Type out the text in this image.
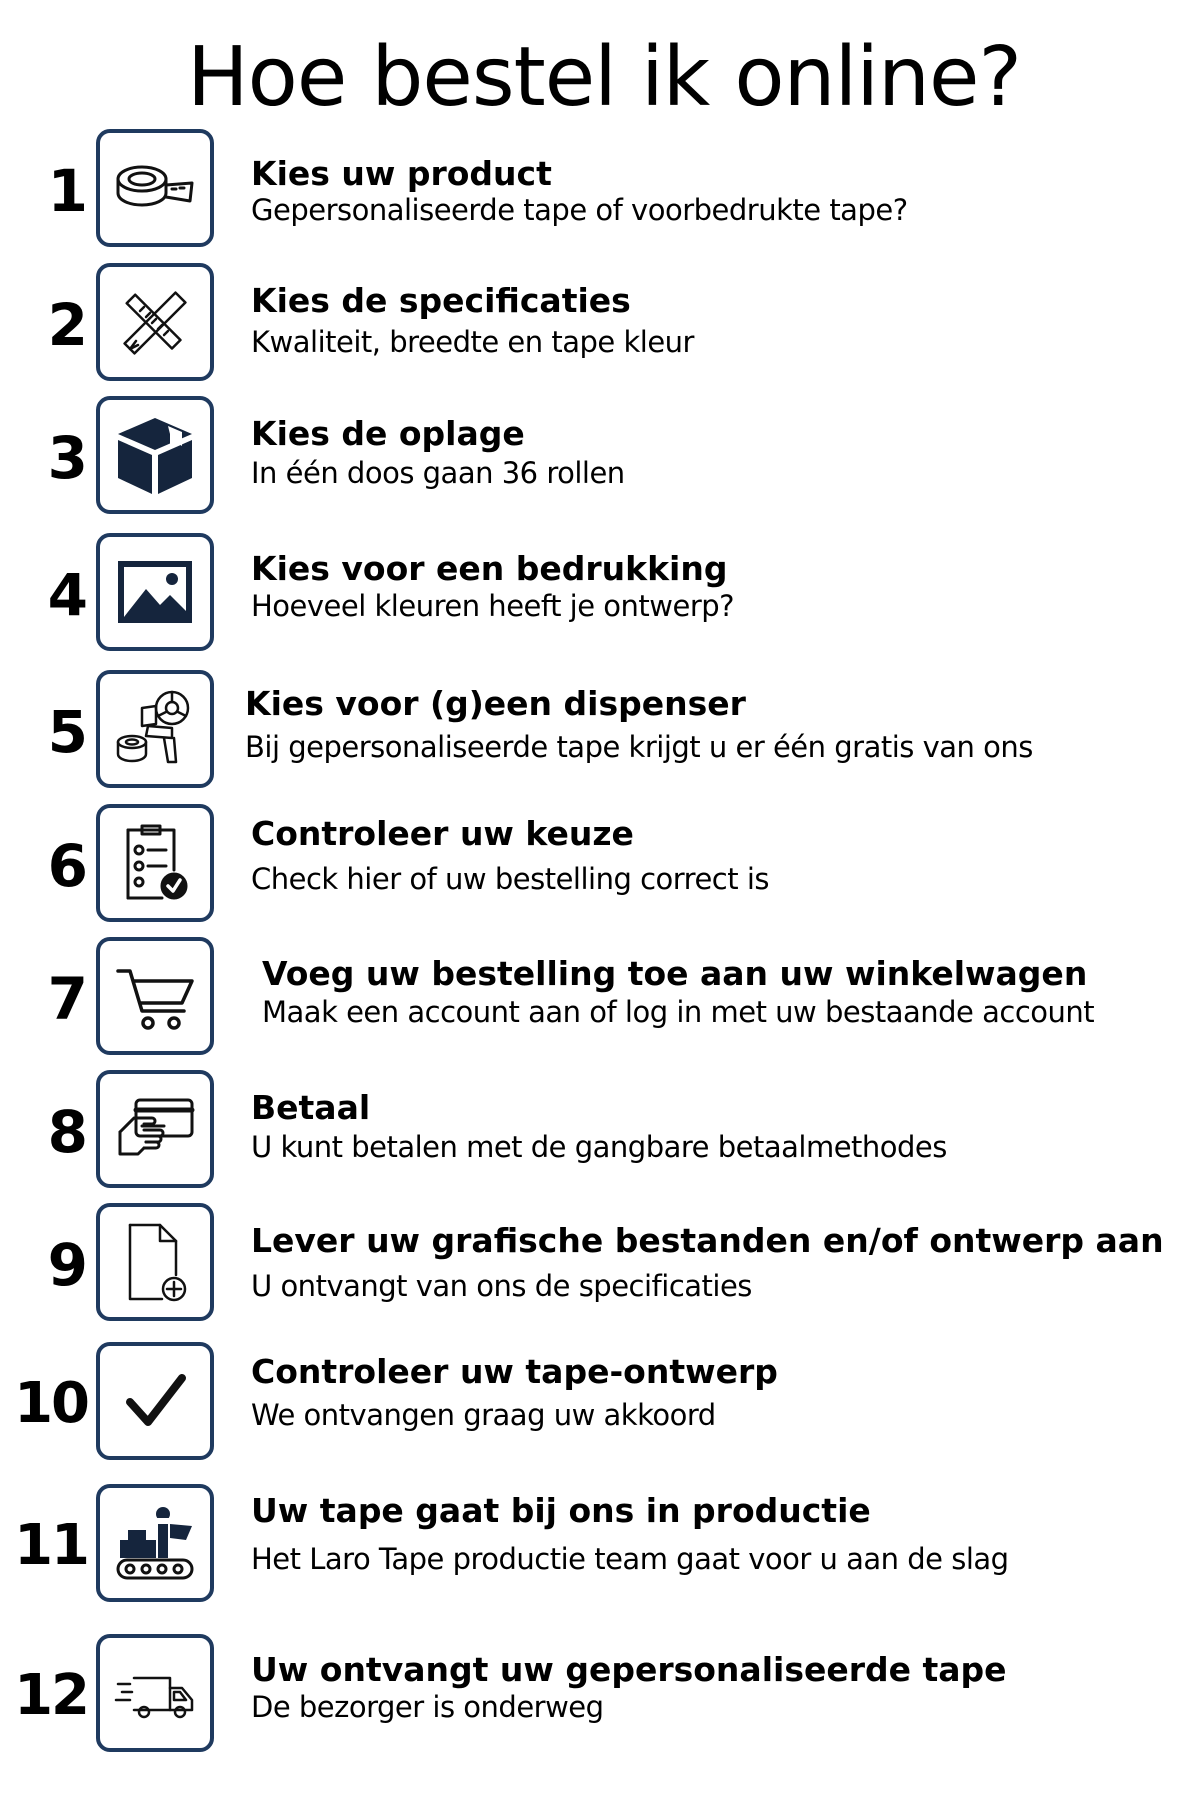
Hoe bestel ik online?
1	Kies uw product
Gepersonaliseerde tape of voorbedrukte tape?
2	Kies de specificaties
Kwaliteit, breedte en tape kleur
3	Kies de oplage
In één doos gaan 36 rollen
4	Kies voor een bedrukking
Hoeveel kleuren heeft je ontwerp?
5	Kies voor (g)een dispenser
Bij gepersonaliseerde tape krijgt u er één gratis van ons
6	Controleer uw keuze
Check hier of uw bestelling correct is
7	Voeg uw bestelling toe aan uw winkelwagen
Maak een account aan of log in met uw bestaande account
8	Betaal
U kunt betalen met de gangbare betaalmethodes
9	Lever uw grafische bestanden en/of ontwerp aan
U ontvangt van ons de specificaties
10	Controleer uw tape-ontwerp
We ontvangen graag uw akkoord
11
Uw tape gaat bij ons in productie
Het Laro Tape productie team gaat voor u aan de slag
12	Uw ontvangt uw gepersonaliseerde tape
De bezorger is onderweg
